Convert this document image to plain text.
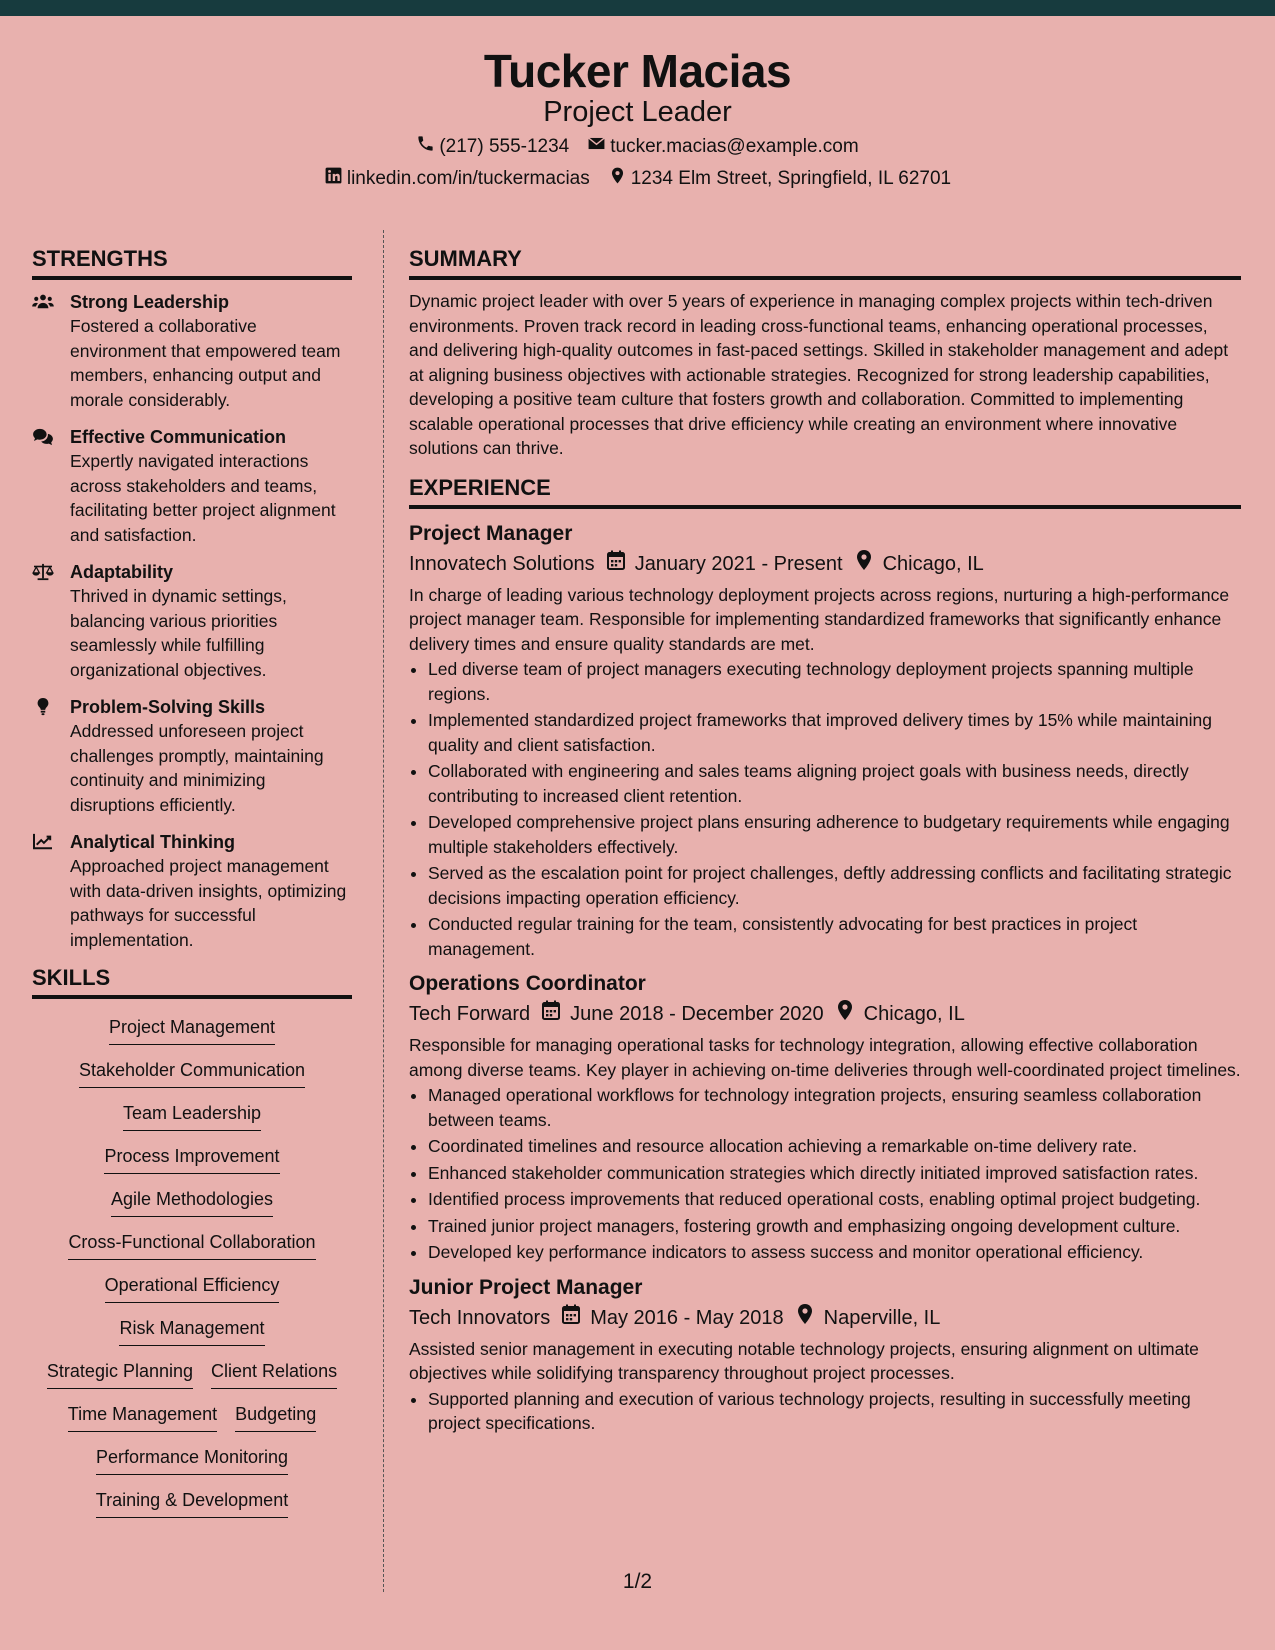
Tucker Macias
Project Leader
(217) 555-1234 tucker.macias@example.com
linkedin.com/in/tuckermacias 1234 Elm Street, Springfield, IL 62701
STRENGTHS
Strong Leadership
Fostered a collaborative environment that empowered team members, enhancing output and morale considerably.
Effective Communication
Expertly navigated interactions across stakeholders and teams, facilitating better project alignment and satisfaction.
Adaptability
Thrived in dynamic settings, balancing various priorities seamlessly while fulfilling organizational objectives.
Problem-Solving Skills
Addressed unforeseen project challenges promptly, maintaining continuity and minimizing disruptions efficiently.
Analytical Thinking
Approached project management with data-driven insights, optimizing pathways for successful implementation.
SKILLS
Project Management
Stakeholder Communication
Team Leadership
Process Improvement
Agile Methodologies
Cross-Functional Collaboration
Operational Efficiency
Risk Management
Strategic Planning Client Relations
Time Management Budgeting
Performance Monitoring
Training & Development
SUMMARY
Dynamic project leader with over 5 years of experience in managing complex projects within tech-driven environments. Proven track record in leading cross-functional teams, enhancing operational processes, and delivering high-quality outcomes in fast-paced settings. Skilled in stakeholder management and adept at aligning business objectives with actionable strategies. Recognized for strong leadership capabilities, developing a positive team culture that fosters growth and collaboration. Committed to implementing scalable operational processes that drive efficiency while creating an environment where innovative solutions can thrive.
EXPERIENCE
Project Manager
Innovatech Solutions January 2021 - Present Chicago, IL
In charge of leading various technology deployment projects across regions, nurturing a high-performance project manager team. Responsible for implementing standardized frameworks that significantly enhance delivery times and ensure quality standards are met.
• Led diverse team of project managers executing technology deployment projects spanning multiple regions.
• Implemented standardized project frameworks that improved delivery times by 15% while maintaining quality and client satisfaction.
• Collaborated with engineering and sales teams aligning project goals with business needs, directly contributing to increased client retention.
• Developed comprehensive project plans ensuring adherence to budgetary requirements while engaging multiple stakeholders effectively.
• Served as the escalation point for project challenges, deftly addressing conflicts and facilitating strategic decisions impacting operation efficiency.
• Conducted regular training for the team, consistently advocating for best practices in project management.
Operations Coordinator
Tech Forward June 2018 - December 2020 Chicago, IL
Responsible for managing operational tasks for technology integration, allowing effective collaboration among diverse teams. Key player in achieving on-time deliveries through well-coordinated project timelines.
• Managed operational workflows for technology integration projects, ensuring seamless collaboration between teams.
• Coordinated timelines and resource allocation achieving a remarkable on-time delivery rate.
• Enhanced stakeholder communication strategies which directly initiated improved satisfaction rates.
• Identified process improvements that reduced operational costs, enabling optimal project budgeting.
• Trained junior project managers, fostering growth and emphasizing ongoing development culture.
• Developed key performance indicators to assess success and monitor operational efficiency.
Junior Project Manager
Tech Innovators May 2016 - May 2018 Naperville, IL
Assisted senior management in executing notable technology projects, ensuring alignment on ultimate objectives while solidifying transparency throughout project processes.
• Supported planning and execution of various technology projects, resulting in successfully meeting project specifications.
1/2
